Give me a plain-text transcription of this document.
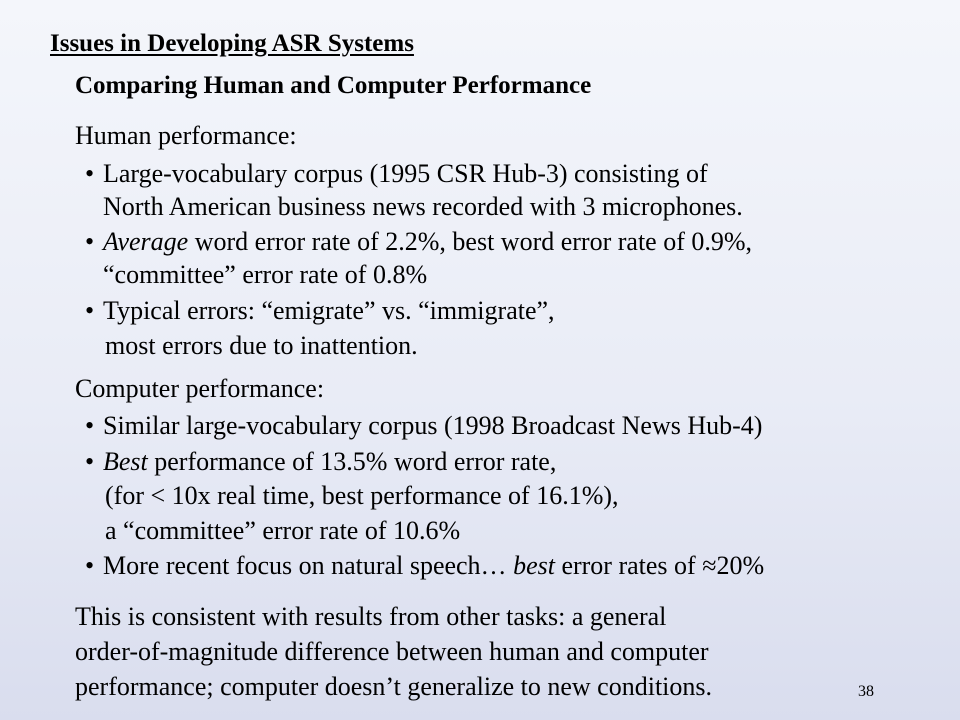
Issues in Developing ASR Systems
Comparing Human and Computer Performance
Human performance:
• Large-vocabulary corpus (1995 CSR Hub-3) consisting of
North American business news recorded with 3 microphones.
• Average word error rate of 2.2%, best word error rate of 0.9%,
“committee” error rate of 0.8%
• Typical errors: “emigrate” vs. “immigrate”,
most errors due to inattention.
Computer performance:
• Similar large-vocabulary corpus (1998 Broadcast News Hub-4)
• Best performance of 13.5% word error rate,
(for < 10x real time, best performance of 16.1%),
a “committee” error rate of 10.6%
• More recent focus on natural speech… best error rates of ≈20%
This is consistent with results from other tasks: a general
order-of-magnitude difference between human and computer
performance; computer doesn’t generalize to new conditions.	38
